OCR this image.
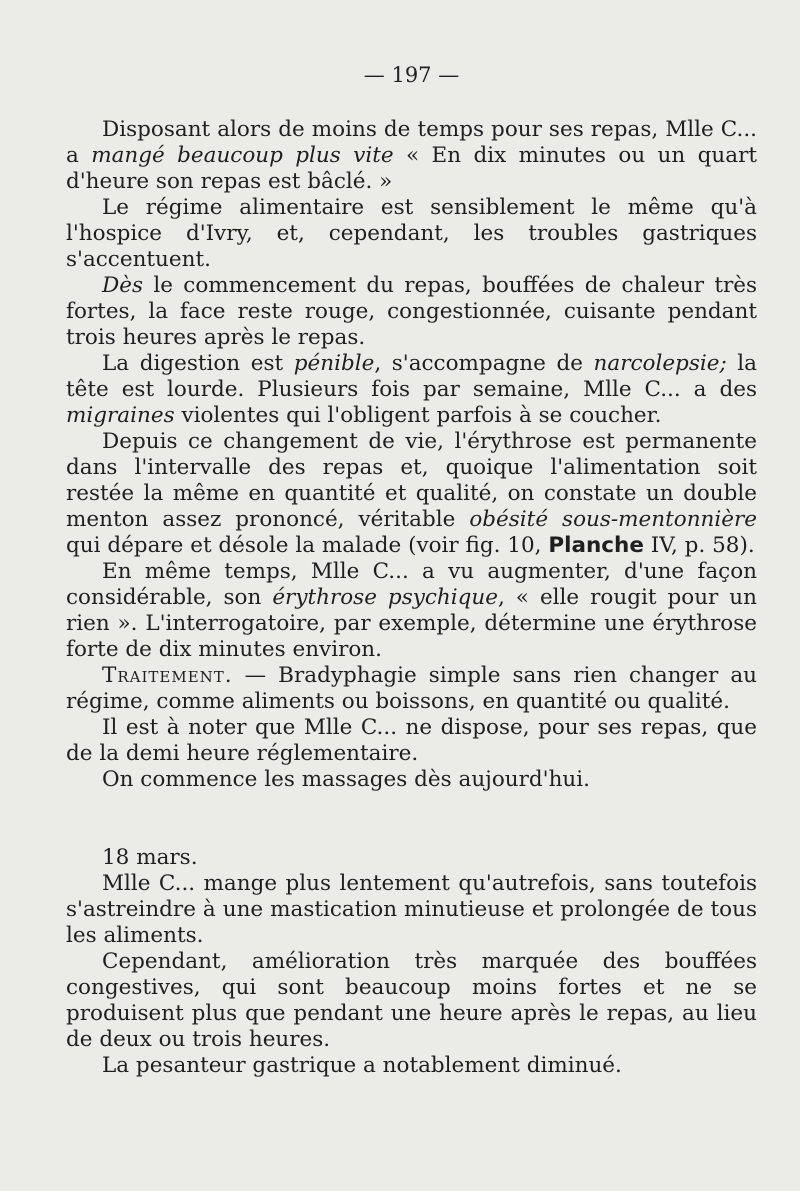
— 197 —

Disposant alors de moins de temps pour ses repas, Mlle C... a mangé beaucoup plus vite « En dix minutes ou un quart d'heure son repas est bâclé. »

Le régime alimentaire est sensiblement le même qu'à l'hospice d'Ivry, et, cependant, les troubles gastriques s'accentuent.

Dès le commencement du repas, bouffées de chaleur très fortes, la face reste rouge, congestionnée, cuisante pendant trois heures après le repas.

La digestion est pénible, s'accompagne de narcolepsie; la tête est lourde. Plusieurs fois par semaine, Mlle C... a des migraines violentes qui l'obligent parfois à se coucher.

Depuis ce changement de vie, l'érythrose est permanente dans l'intervalle des repas et, quoique l'alimentation soit restée la même en quantité et qualité, on constate un double menton assez prononcé, véritable obésité sous-mentonnière qui dépare et désole la malade (voir fig. 10, Planche IV, p. 58).

En même temps, Mlle C... a vu augmenter, d'une façon considérable, son érythrose psychique, « elle rougit pour un rien ». L'interrogatoire, par exemple, détermine une érythrose forte de dix minutes environ.

Traitement. — Bradyphagie simple sans rien changer au régime, comme aliments ou boissons, en quantité ou qualité.

Il est à noter que Mlle C... ne dispose, pour ses repas, que de la demi heure réglementaire.

On commence les massages dès aujourd'hui.

18 mars.

Mlle C... mange plus lentement qu'autrefois, sans toutefois s'astreindre à une mastication minutieuse et prolongée de tous les aliments.

Cependant, amélioration très marquée des bouffées congestives, qui sont beaucoup moins fortes et ne se produisent plus que pendant une heure après le repas, au lieu de deux ou trois heures.

La pesanteur gastrique a notablement diminué.
